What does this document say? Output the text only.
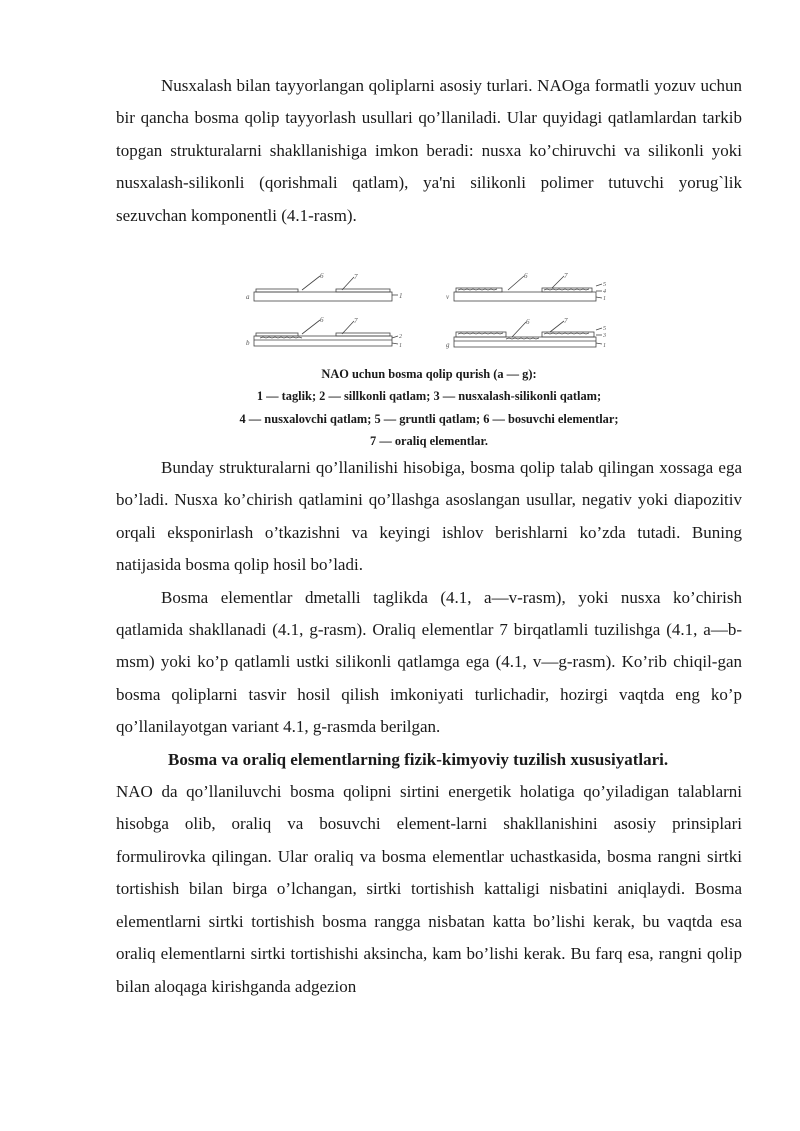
Nusxalash bilan tayyorlangan qoliplarni asosiy turlari. NAOga formatli yozuv uchun bir qancha bosma qolip tayyorlash usullari qo’llaniladi. Ular quyidagi qatlamlardan tarkib topgan strukturalarni shakllanishiga imkon beradi: nusxa ko’chiruvchi va silikonli yoki nusxalash-silikonli (qorishmali qatlam), ya'ni silikonli polimer tutuvchi yorug`lik sezuvchan komponentli (4.1-rasm).

a
6	7
1	v
6	7
5
4
1
b
6	7
2
1	g
6	7
5
3
1
NAO uchun bosma qolip qurish (a — g):
1 — taglik; 2 — sillkonli qatlam; 3 — nusxalash-silikonli qatlam;
4 — nusxalovchi qatlam; 5 — gruntli qatlam; 6 — bosuvchi elementlar;
7 — oraliq elementlar.

Bunday strukturalarni qo’llanilishi hisobiga, bosma qolip talab qilingan xossaga ega bo’ladi. Nusxa ko’chirish qatlamini qo’llashga asoslangan usullar, negativ yoki diapozitiv orqali eksponirlash o’tkazishni va keyingi ishlov berishlarni ko’zda tutadi. Buning natijasida bosma qolip hosil bo’ladi.

Bosma elementlar dmetalli taglikda (4.1, a—v-rasm), yoki nusxa ko’chirish qatlamida shakllanadi (4.1, g-rasm). Oraliq elementlar 7 birqatlamli tuzilishga (4.1, a—b-msm) yoki ko’p qatlamli ustki silikonli qatlamga ega (4.1, v—g-rasm). Ko’rib chiqil-gan bosma qoliplarni tasvir hosil qilish imkoniyati turlichadir, hozirgi vaqtda eng ko’p qo’llanilayotgan variant 4.1, g-rasmda berilgan.

Bosma va oraliq elementlarning fizik-kimyoviy tuzilish xususiyatlari.

NAO da qo’llaniluvchi bosma qolipni sirtini energetik holatiga qo’yiladigan talablarni hisobga olib, oraliq va bosuvchi element-larni shakllanishini asosiy prinsiplari formulirovka qilingan. Ular oraliq va bosma elementlar uchastkasida, bosma rangni sirtki tortishish bilan birga o’lchangan, sirtki tortishish kattaligi nisbatini aniqlaydi. Bosma elementlarni sirtki tortishish bosma rangga nisbatan katta bo’lishi kerak, bu vaqtda esa oraliq elementlarni sirtki tortishishi aksincha, kam bo’lishi kerak. Bu farq esa, rangni qolip bilan aloqaga kirishganda adgezion
